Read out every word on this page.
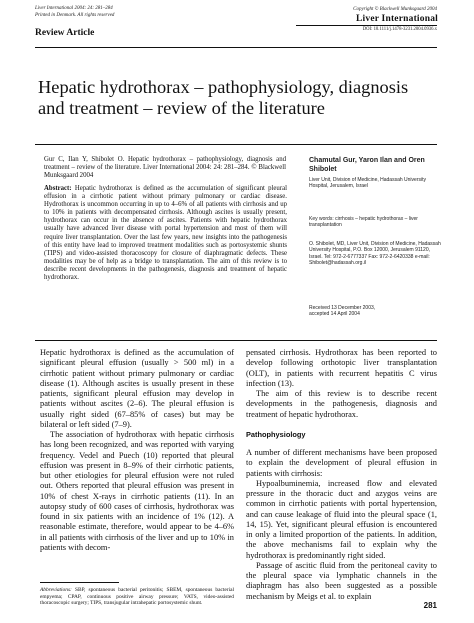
Liver International 2004: 24: 281–284
Printed in Denmark. All rights reserved
Copyright © Blackwell Munksgaard 2004
Liver International
DOI: 10.1111/j.1478-3231.2004.0936.x
Review Article
Hepatic hydrothorax – pathophysiology, diagnosis and treatment – review of the literature

Gur C, Ilan Y, Shibolet O. Hepatic hydrothorax – pathophysiology, diagnosis and treatment – review of the literature. Liver International 2004: 24: 281–284. © Blackwell Munksgaard 2004

Abstract: Hepatic hydrothorax is defined as the accumulation of significant pleural effusion in a cirrhotic patient without primary pulmonary or cardiac disease. Hydrothorax is uncommon occurring in up to 4–6% of all patients with cirrhosis and up to 10% in patients with decompensated cirrhosis. Although ascites is usually present, hydrothorax can occur in the absence of ascites. Patients with hepatic hydrothorax usually have advanced liver disease with portal hypertension and most of them will require liver transplantation. Over the last few years, new insights into the pathogenesis of this entity have lead to improved treatment modalities such as portosystemic shunts (TIPS) and video-assisted thoracoscopy for closure of diaphragmatic defects. These modalities may be of help as a bridge to transplantation. The aim of this review is to describe recent developments in the pathogenesis, diagnosis and treatment of hepatic hydrothorax.

Chamutal Gur, Yaron Ilan and Oren Shibolet
Liver Unit, Division of Medicine, Hadassah University Hospital, Jerusalem, Israel
Key words: cirrhosis – hepatic hydrothorax – liver transplantation
O. Shibolet, MD, Liver Unit, Division of Medicine, Hadassah University Hospital, P.O. Box 12000, Jerusalem 91120, Israel. Tel: 972-2-6777337 Fax: 972-2-6420338 e-mail: Shibolet@hadassah.org.il
Received 13 December 2003,
accepted 14 April 2004

Hepatic hydrothorax is defined as the accumulation of significant pleural effusion (usually > 500 ml) in a cirrhotic patient without primary pulmonary or cardiac disease (1). Although ascites is usually present in these patients, significant pleural effusion may develop in patients without ascites (2–6). The pleural effusion is usually right sided (67–85% of cases) but may be bilateral or left sided (7–9).

The association of hydrothorax with hepatic cirrhosis has long been recognized, and was reported with varying frequency. Vedel and Puech (10) reported that pleural effusion was present in 8–9% of their cirrhotic patients, but other etiologies for pleural effusion were not ruled out. Others reported that pleural effusion was present in 10% of chest X-rays in cirrhotic patients (11). In an autopsy study of 600 cases of cirrhosis, hydrothorax was found in six patients with an incidence of 1% (12). A reasonable estimate, therefore, would appear to be 4–6% in all patients with cirrhosis of the liver and up to 10% in patients with decom-

pensated cirrhosis. Hydrothorax has been reported to develop following orthotopic liver transplantation (OLT), in patients with recurrent hepatitis C virus infection (13).

The aim of this review is to describe recent developments in the pathogenesis, diagnosis and treatment of hepatic hydrothorax.

Pathophysiology

A number of different mechanisms have been proposed to explain the development of pleural effusion in patients with cirrhosis:

Hypoalbuminemia, increased flow and elevated pressure in the thoracic duct and azygos veins are common in cirrhotic patients with portal hypertension, and can cause leakage of fluid into the pleural space (1, 14, 15). Yet, significant pleural effusion is encountered in only a limited proportion of the patients. In addition, the above mechanisms fail to explain why the hydrothorax is predominantly right sided.

Passage of ascitic fluid from the peritoneal cavity to the pleural space via lymphatic channels in the diaphragm has also been suggested as a possible mechanism by Meigs et al. to explain

Abbreviations: SBP, spontaneous bacterial peritonitis; SBEM, spontaneous bacterial empyema; CPAP, continuous positive airway pressure; VATS, video-assisted thoracoscopic surgery; TIPS, transjugular intrahepatic portosystemic shunt.	281
